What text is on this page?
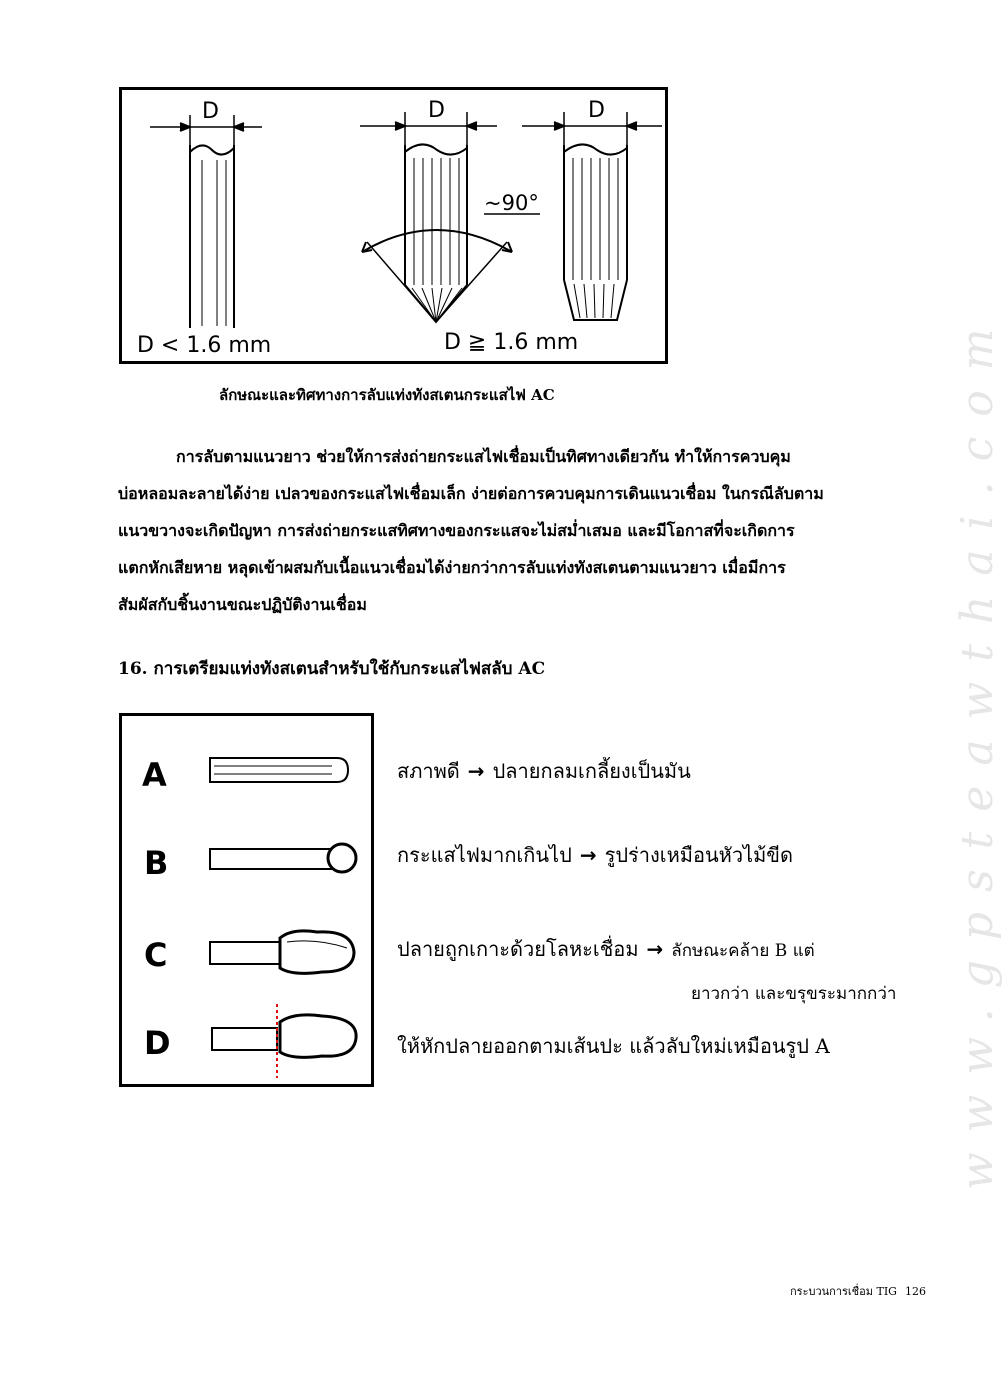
www.gpsteawthai.com
D	D	D
~90°
D < 1.6 mm	D ≧ 1.6 mm
ลักษณะและทิศทางการลับแท่งทังสเตนกระแสไฟ AC
การลับตามแนวยาว ช่วยให้การส่งถ่ายกระแสไฟเชื่อมเป็นทิศทางเดียวกัน ทำให้การควบคุม
บ่อหลอมละลายได้ง่าย เปลวของกระแสไฟเชื่อมเล็ก ง่ายต่อการควบคุมการเดินแนวเชื่อม ในกรณีลับตาม
แนวขวางจะเกิดปัญหา การส่งถ่ายกระแสทิศทางของกระแสจะไม่สม่ำเสมอ และมีโอกาสที่จะเกิดการ
แตกหักเสียหาย หลุดเข้าผสมกับเนื้อแนวเชื่อมได้ง่ายกว่าการลับแท่งทังสเตนตามแนวยาว เมื่อมีการ
สัมผัสกับชิ้นงานขณะปฏิบัติงานเชื่อม
16. การเตรียมแท่งทังสเตนสำหรับใช้กับกระแสไฟสลับ AC
A
B
C
D
สภาพดี → ปลายกลมเกลี้ยงเป็นมัน
กระแสไฟมากเกินไป → รูปร่างเหมือนหัวไม้ขีด
ปลายถูกเกาะด้วยโลหะเชื่อม → ลักษณะคล้าย B แต่
ยาวกว่า และขรุขระมากกว่า
ให้หักปลายออกตามเส้นปะ แล้วลับใหม่เหมือนรูป A
กระบวนการเชื่อม TIG 126
